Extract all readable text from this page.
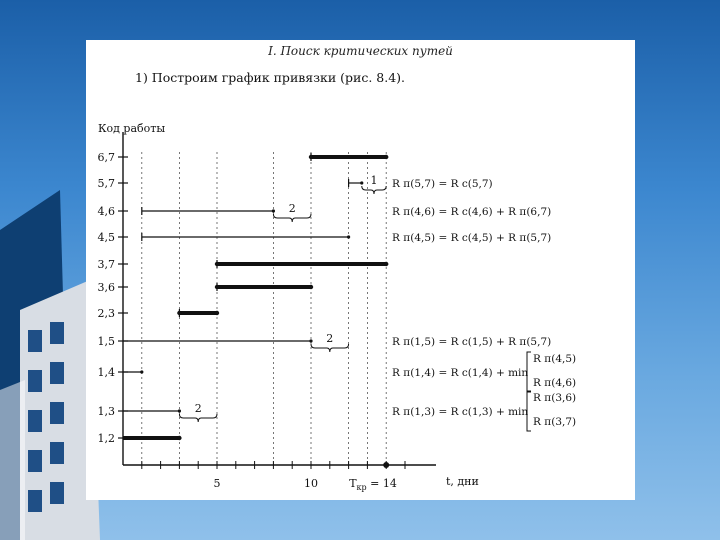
I. Поиск критических путей
1) Построим график привязки (рис. 8.4).
Код работы
t, дни
5	10	$T_{кр} = 14$
6,7
5,7
4,6
4,5
3,7
3,6
2,3
1,5
1,4
1,3
1,2
1
2
2
2
R п(5,7) = R с(5,7)
R п(4,6) = R с(4,6) + R п(6,7)
R п(4,5) = R с(4,5) + R п(5,7)
R п(1,5) = R с(1,5) + R п(5,7)
R п(1,4) = R с(1,4) + min
R п(4,5)
R п(4,6)
R п(1,3) = R с(1,3) + min
R п(3,6)
R п(3,7)
